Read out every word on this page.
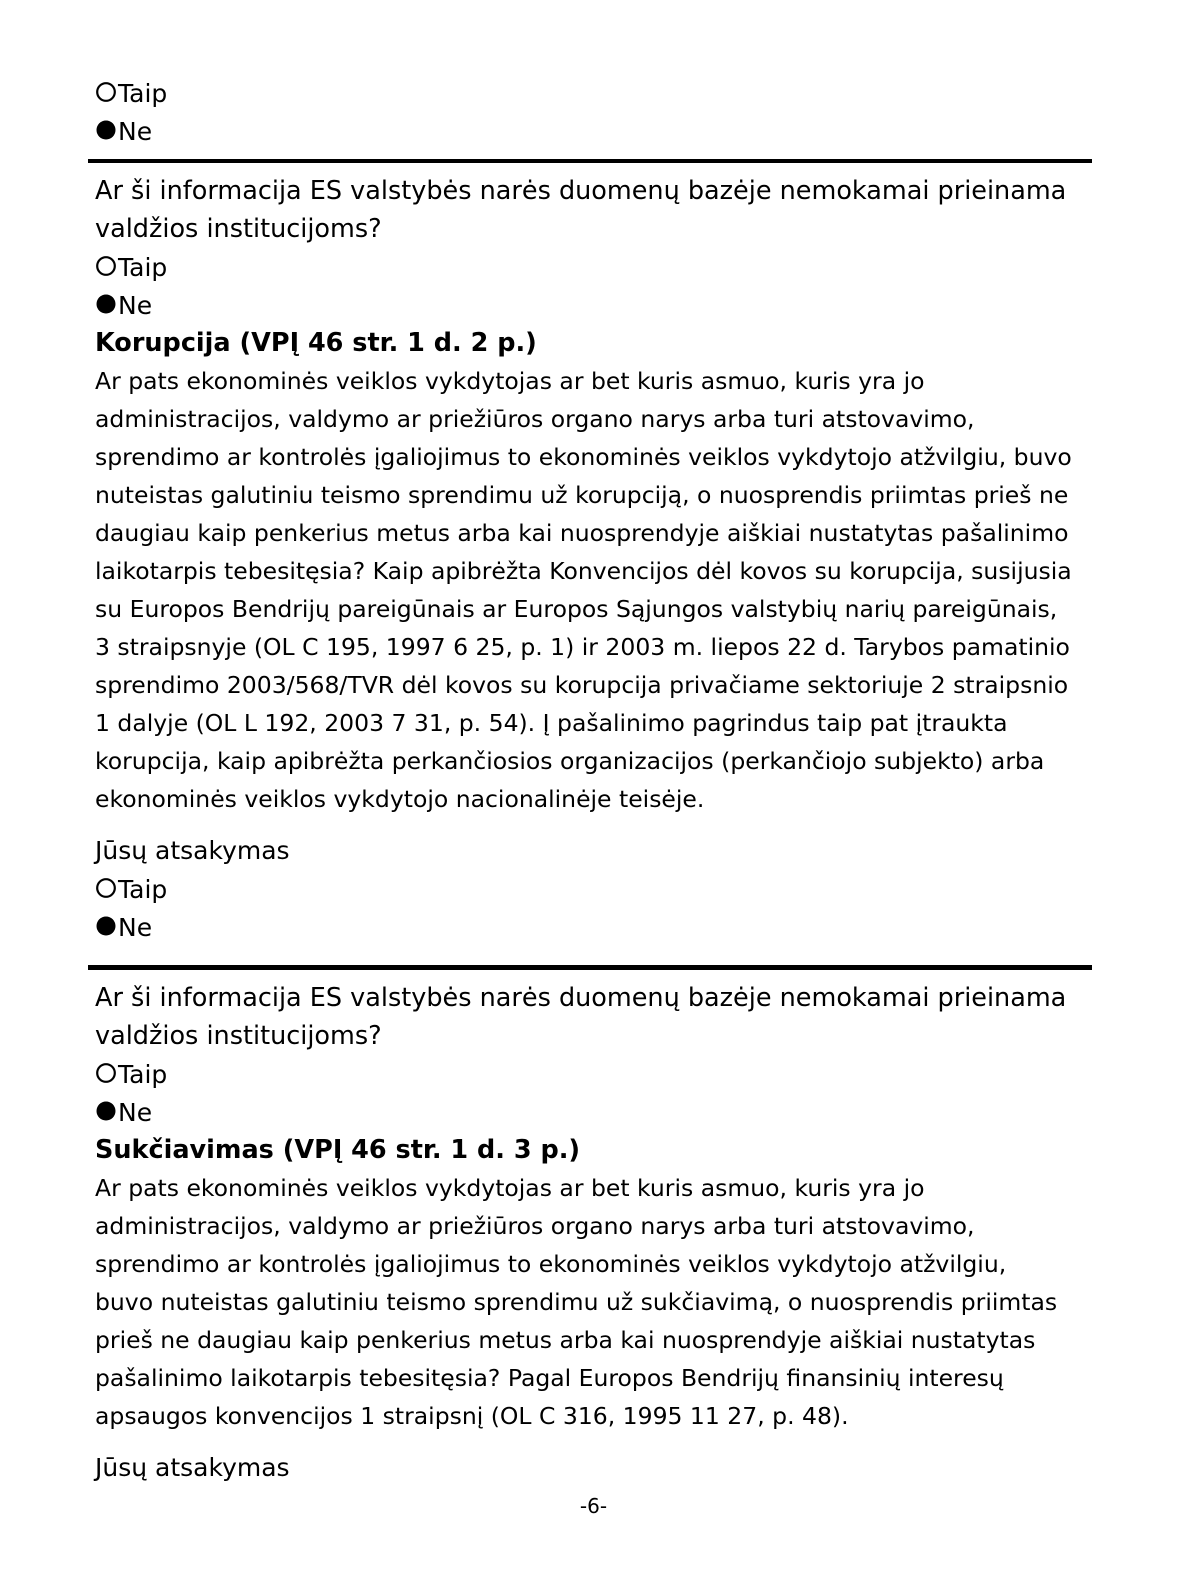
Taip
Ne
Ar ši informacija ES valstybės narės duomenų bazėje nemokamai prieinama
valdžios institucijoms?
Taip
Ne
Korupcija (VPĮ 46 str. 1 d. 2 p.)
Ar pats ekonominės veiklos vykdytojas ar bet kuris asmuo, kuris yra jo
administracijos, valdymo ar priežiūros organo narys arba turi atstovavimo,
sprendimo ar kontrolės įgaliojimus to ekonominės veiklos vykdytojo atžvilgiu, buvo
nuteistas galutiniu teismo sprendimu už korupciją, o nuosprendis priimtas prieš ne
daugiau kaip penkerius metus arba kai nuosprendyje aiškiai nustatytas pašalinimo
laikotarpis tebesitęsia? Kaip apibrėžta Konvencijos dėl kovos su korupcija, susijusia
su Europos Bendrijų pareigūnais ar Europos Sąjungos valstybių narių pareigūnais,
3 straipsnyje (OL C 195, 1997 6 25, p. 1) ir 2003 m. liepos 22 d. Tarybos pamatinio
sprendimo 2003/568/TVR dėl kovos su korupcija privačiame sektoriuje 2 straipsnio
1 dalyje (OL L 192, 2003 7 31, p. 54). Į pašalinimo pagrindus taip pat įtraukta
korupcija, kaip apibrėžta perkančiosios organizacijos (perkančiojo subjekto) arba
ekonominės veiklos vykdytojo nacionalinėje teisėje.
Jūsų atsakymas
Taip
Ne
Ar ši informacija ES valstybės narės duomenų bazėje nemokamai prieinama
valdžios institucijoms?
Taip
Ne
Sukčiavimas (VPĮ 46 str. 1 d. 3 p.)
Ar pats ekonominės veiklos vykdytojas ar bet kuris asmuo, kuris yra jo
administracijos, valdymo ar priežiūros organo narys arba turi atstovavimo,
sprendimo ar kontrolės įgaliojimus to ekonominės veiklos vykdytojo atžvilgiu,
buvo nuteistas galutiniu teismo sprendimu už sukčiavimą, o nuosprendis priimtas
prieš ne daugiau kaip penkerius metus arba kai nuosprendyje aiškiai nustatytas
pašalinimo laikotarpis tebesitęsia? Pagal Europos Bendrijų finansinių interesų
apsaugos konvencijos 1 straipsnį (OL C 316, 1995 11 27, p. 48).
Jūsų atsakymas
-6-
